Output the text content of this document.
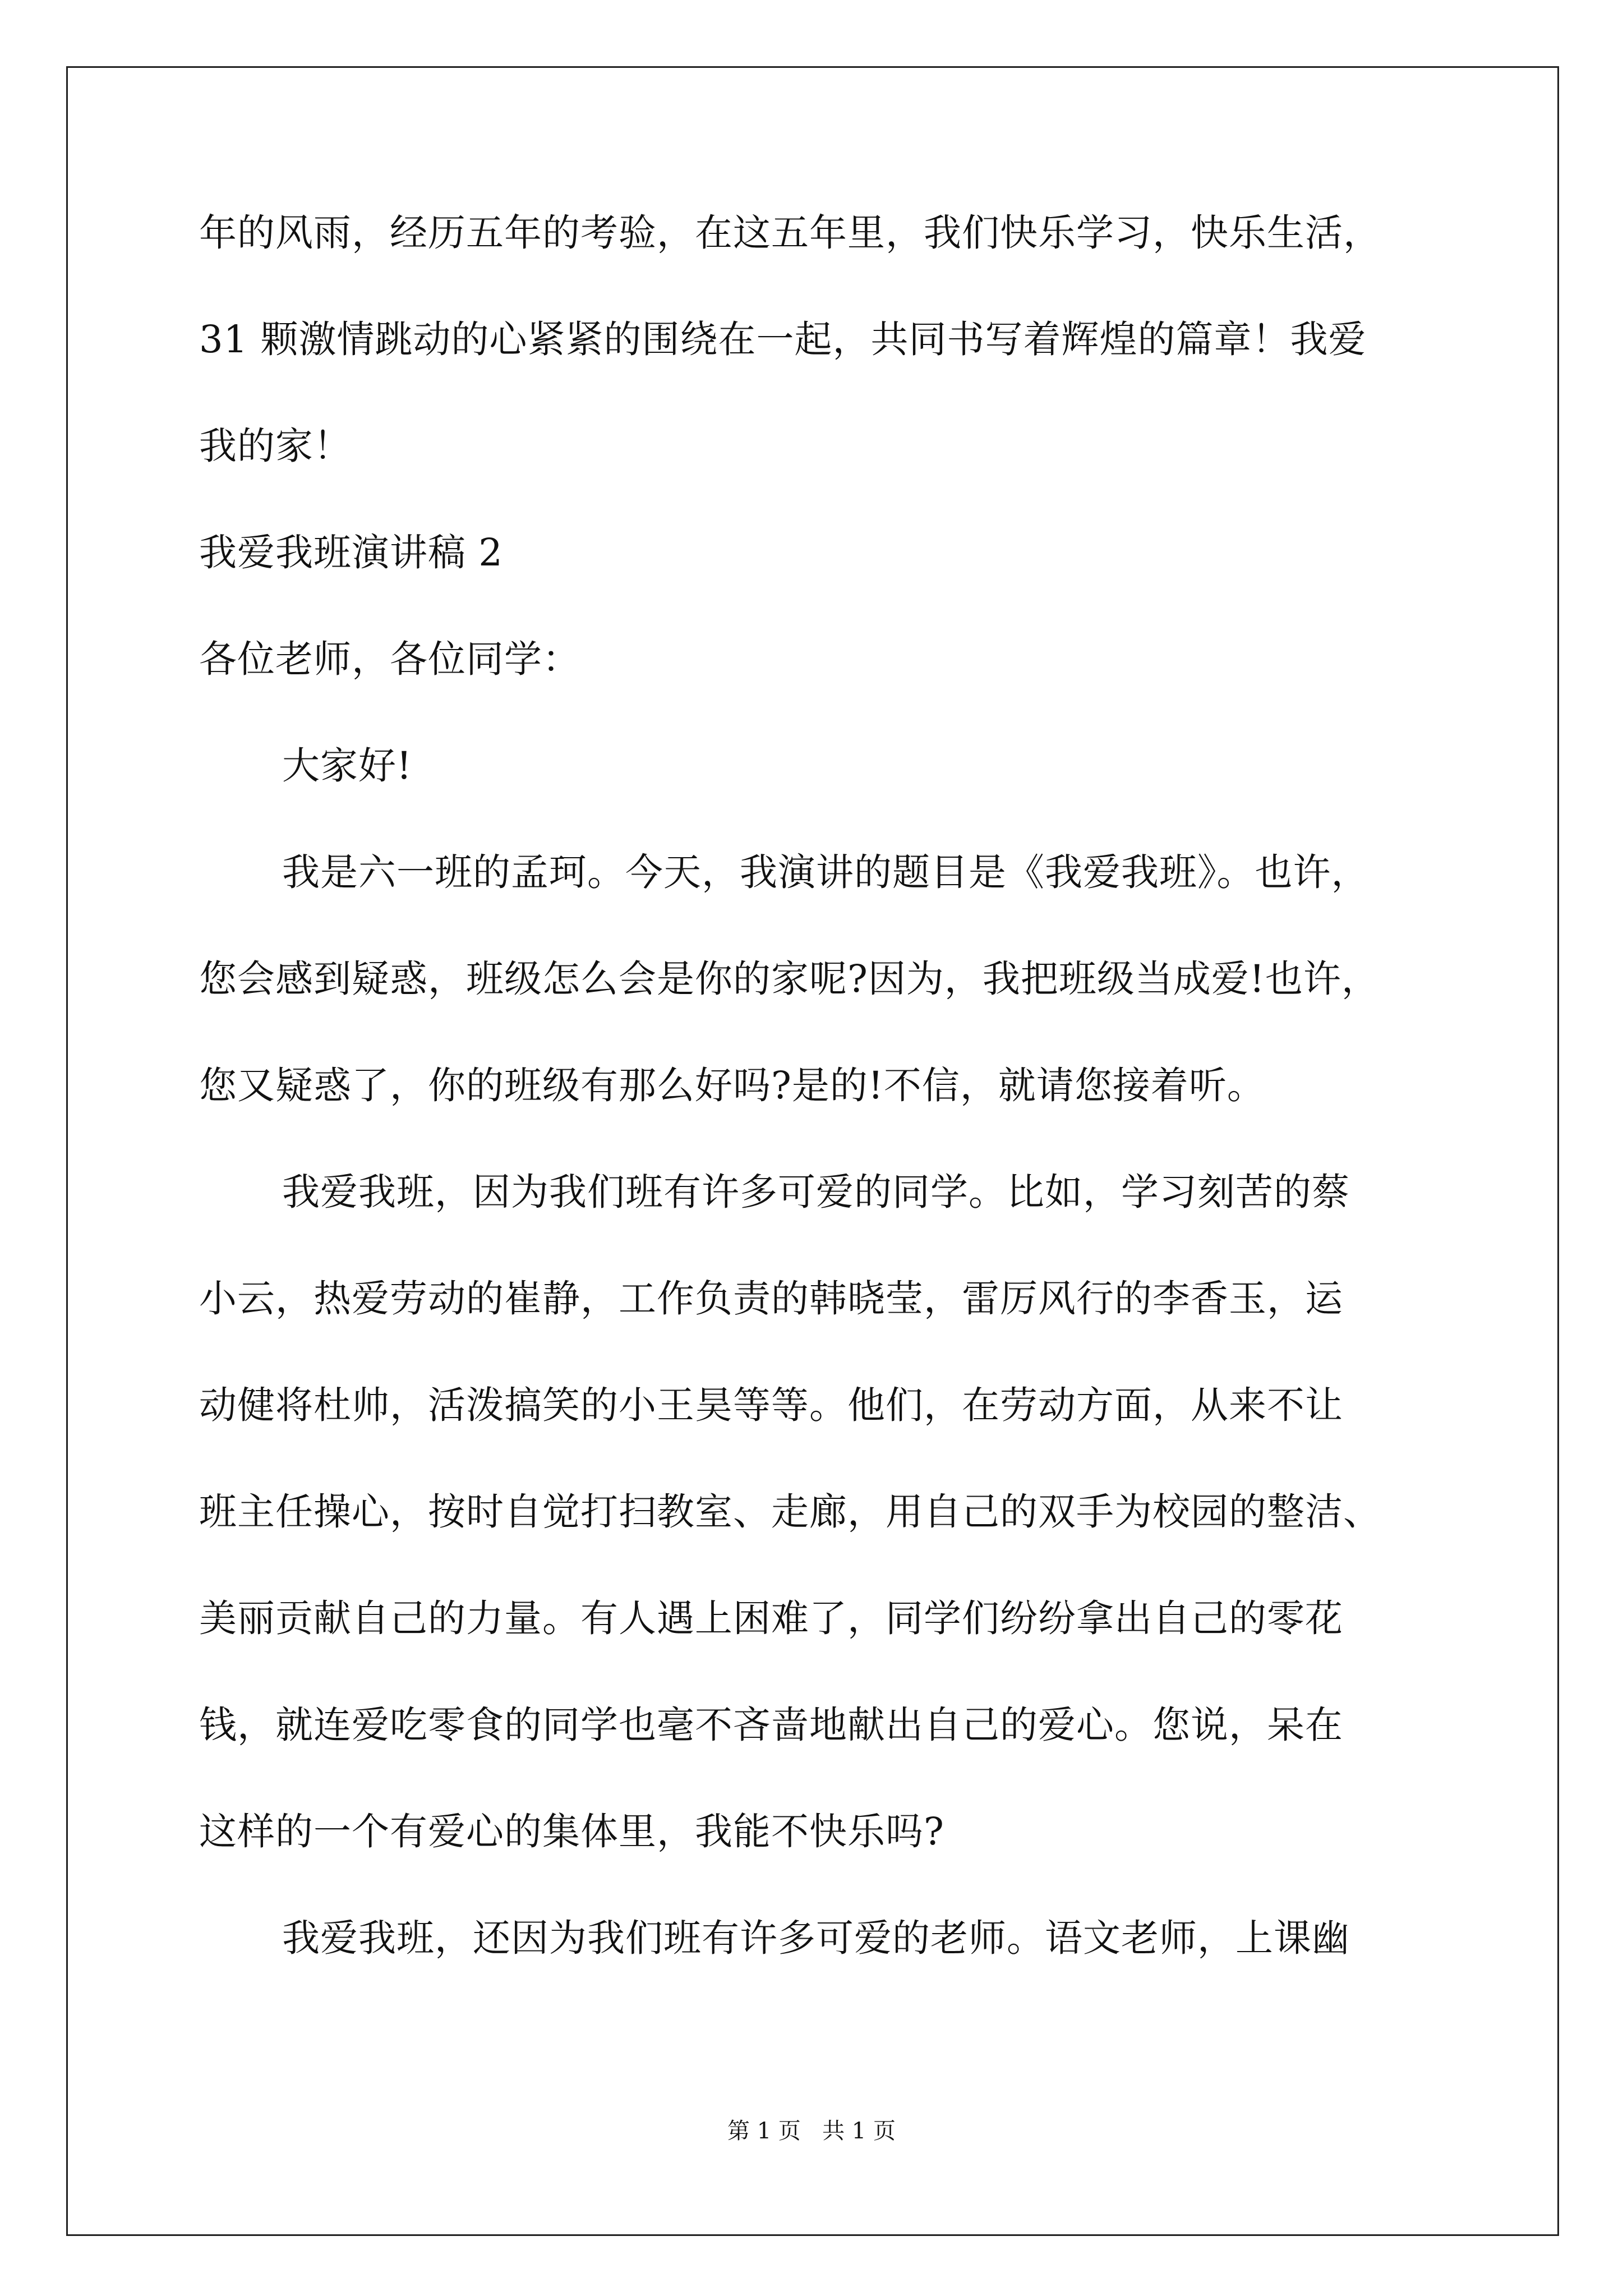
年的风雨，经历五年的考验，在这五年里，我们快乐学习，快乐生活，
31 颗激情跳动的心紧紧的围绕在一起，共同书写着辉煌的篇章！我爱
我的家！
我爱我班演讲稿 2
各位老师，各位同学：
大家好!
我是六一班的孟珂。今天，我演讲的题目是《我爱我班》。也许，
您会感到疑惑，班级怎么会是你的家呢?因为，我把班级当成爱!也许，
您又疑惑了，你的班级有那么好吗?是的!不信，就请您接着听。
我爱我班，因为我们班有许多可爱的同学。比如，学习刻苦的蔡
小云，热爱劳动的崔静，工作负责的韩晓莹，雷厉风行的李香玉，运
动健将杜帅，活泼搞笑的小王昊等等。他们，在劳动方面，从来不让
班主任操心，按时自觉打扫教室、走廊，用自己的双手为校园的整洁、
美丽贡献自己的力量。有人遇上困难了，同学们纷纷拿出自己的零花
钱，就连爱吃零食的同学也毫不吝啬地献出自己的爱心。您说，呆在
这样的一个有爱心的集体里，我能不快乐吗?
我爱我班，还因为我们班有许多可爱的老师。语文老师，上课幽
第 1 页   共 1 页
